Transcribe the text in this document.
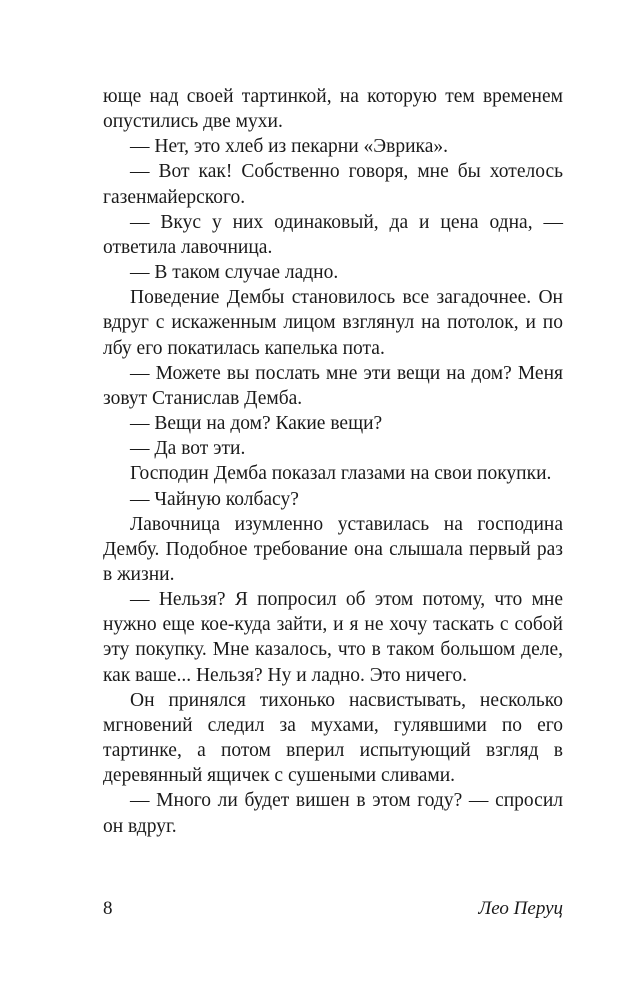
юще над своей тартинкой, на которую тем временем опустились две мухи.

— Нет, это хлеб из пекарни «Эврика».

— Вот как! Собственно говоря, мне бы хотелось газенмайерского.

— Вкус у них одинаковый, да и цена одна, — ответила лавочница.

— В таком случае ладно.

Поведение Дембы становилось все загадочнее. Он вдруг с искаженным лицом взглянул на потолок, и по лбу его покатилась капелька пота.

— Можете вы послать мне эти вещи на дом? Меня зовут Станислав Демба.

— Вещи на дом? Какие вещи?

— Да вот эти.

Господин Демба показал глазами на свои покупки.

— Чайную колбасу?

Лавочница изумленно уставилась на господина Дембу. Подобное требование она слышала первый раз в жизни.

— Нельзя? Я попросил об этом потому, что мне нужно еще кое-куда зайти, и я не хочу таскать с собой эту покупку. Мне казалось, что в таком большом деле, как ваше... Нельзя? Ну и ладно. Это ничего.

Он принялся тихонько насвистывать, несколько мгновений следил за мухами, гулявшими по его тартинке, а потом вперил испытующий взгляд в деревянный ящичек с сушеными сливами.

— Много ли будет вишен в этом году? — спросил он вдруг.

8	Лео Перуц
